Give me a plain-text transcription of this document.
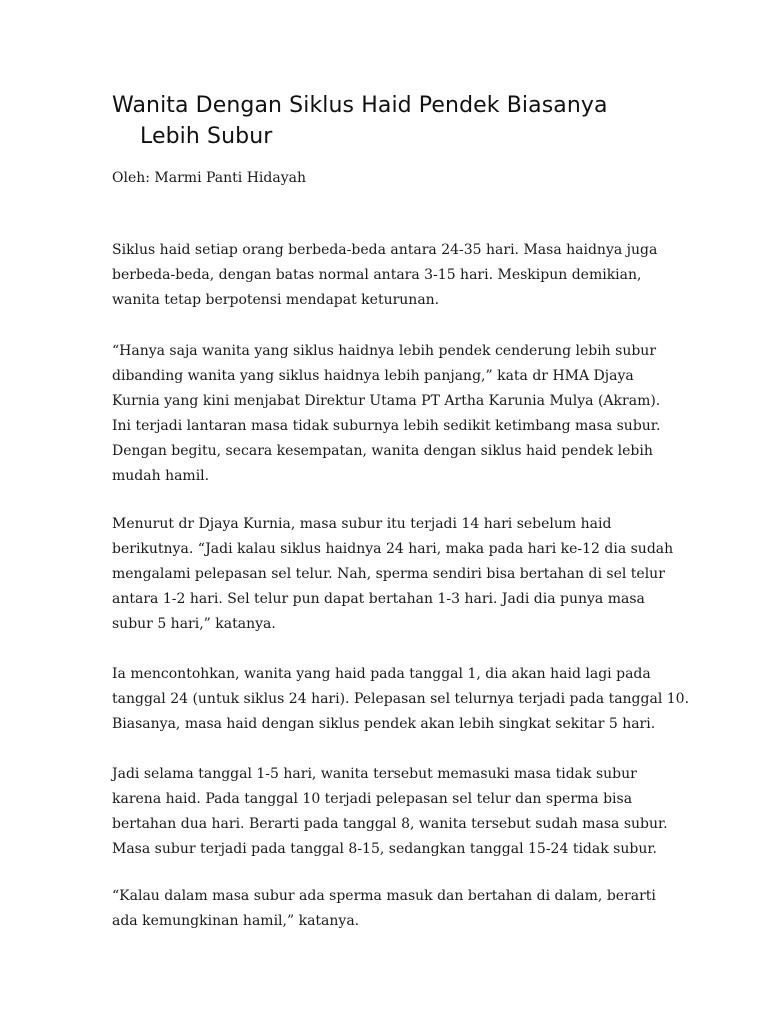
Wanita Dengan Siklus Haid Pendek Biasanya
Lebih Subur
Oleh: Marmi Panti Hidayah

Siklus haid setiap orang berbeda-beda antara 24-35 hari. Masa haidnya juga
berbeda-beda, dengan batas normal antara 3-15 hari. Meskipun demikian,
wanita tetap berpotensi mendapat keturunan.

“Hanya saja wanita yang siklus haidnya lebih pendek cenderung lebih subur
dibanding wanita yang siklus haidnya lebih panjang,” kata dr HMA Djaya
Kurnia yang kini menjabat Direktur Utama PT Artha Karunia Mulya (Akram).
Ini terjadi lantaran masa tidak suburnya lebih sedikit ketimbang masa subur.
Dengan begitu, secara kesempatan, wanita dengan siklus haid pendek lebih
mudah hamil.

Menurut dr Djaya Kurnia, masa subur itu terjadi 14 hari sebelum haid
berikutnya. “Jadi kalau siklus haidnya 24 hari, maka pada hari ke-12 dia sudah
mengalami pelepasan sel telur. Nah, sperma sendiri bisa bertahan di sel telur
antara 1-2 hari. Sel telur pun dapat bertahan 1-3 hari. Jadi dia punya masa
subur 5 hari,” katanya.

Ia mencontohkan, wanita yang haid pada tanggal 1, dia akan haid lagi pada
tanggal 24 (untuk siklus 24 hari). Pelepasan sel telurnya terjadi pada tanggal 10.
Biasanya, masa haid dengan siklus pendek akan lebih singkat sekitar 5 hari.

Jadi selama tanggal 1-5 hari, wanita tersebut memasuki masa tidak subur
karena haid. Pada tanggal 10 terjadi pelepasan sel telur dan sperma bisa
bertahan dua hari. Berarti pada tanggal 8, wanita tersebut sudah masa subur.
Masa subur terjadi pada tanggal 8-15, sedangkan tanggal 15-24 tidak subur.

“Kalau dalam masa subur ada sperma masuk dan bertahan di dalam, berarti
ada kemungkinan hamil,” katanya.
